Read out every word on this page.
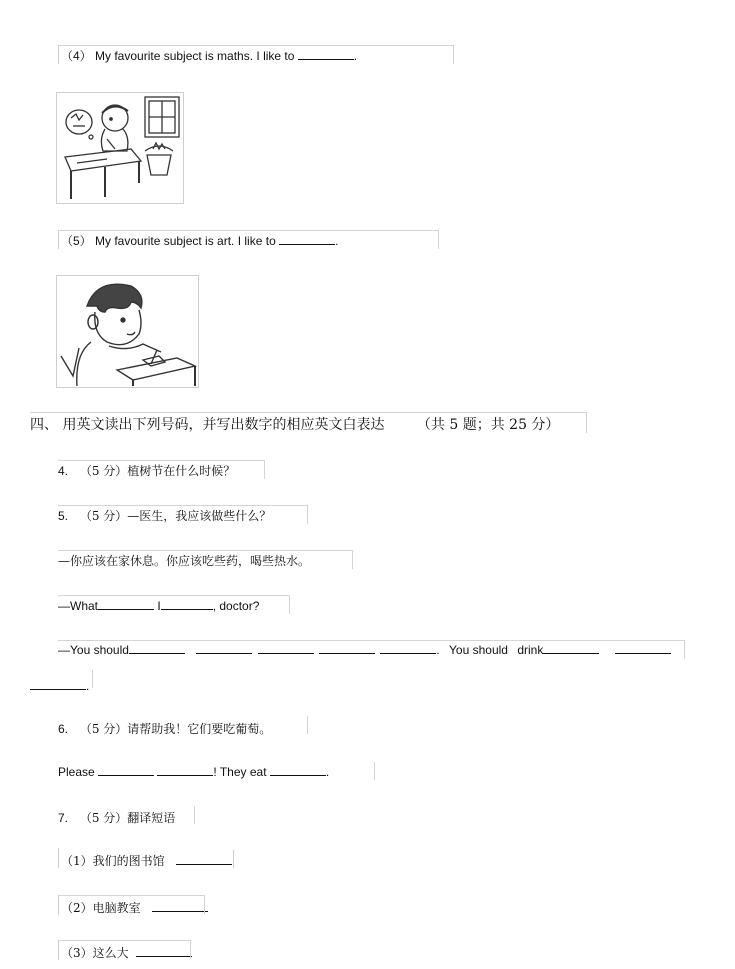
（4） My favourite subject is maths. I like to	.
（5） My favourite subject is art. I like to	.
四、 用英文读出下列号码，并写出数字的相应英文白表达 （共 5 题；共 25 分）
4. （5 分）植树节在什么时候？
5. （5 分）—医生，我应该做些什么？
—你应该在家休息。你应该吃些药，喝些热水。
—What	I	, doctor?
—You should	. You should drink
.
6. （5 分）请帮助我！它们要吃葡萄。
Please	! They eat	.
7. （5 分）翻译短语
（1）我们的图书馆
（2）电脑教室
（3）这么大
